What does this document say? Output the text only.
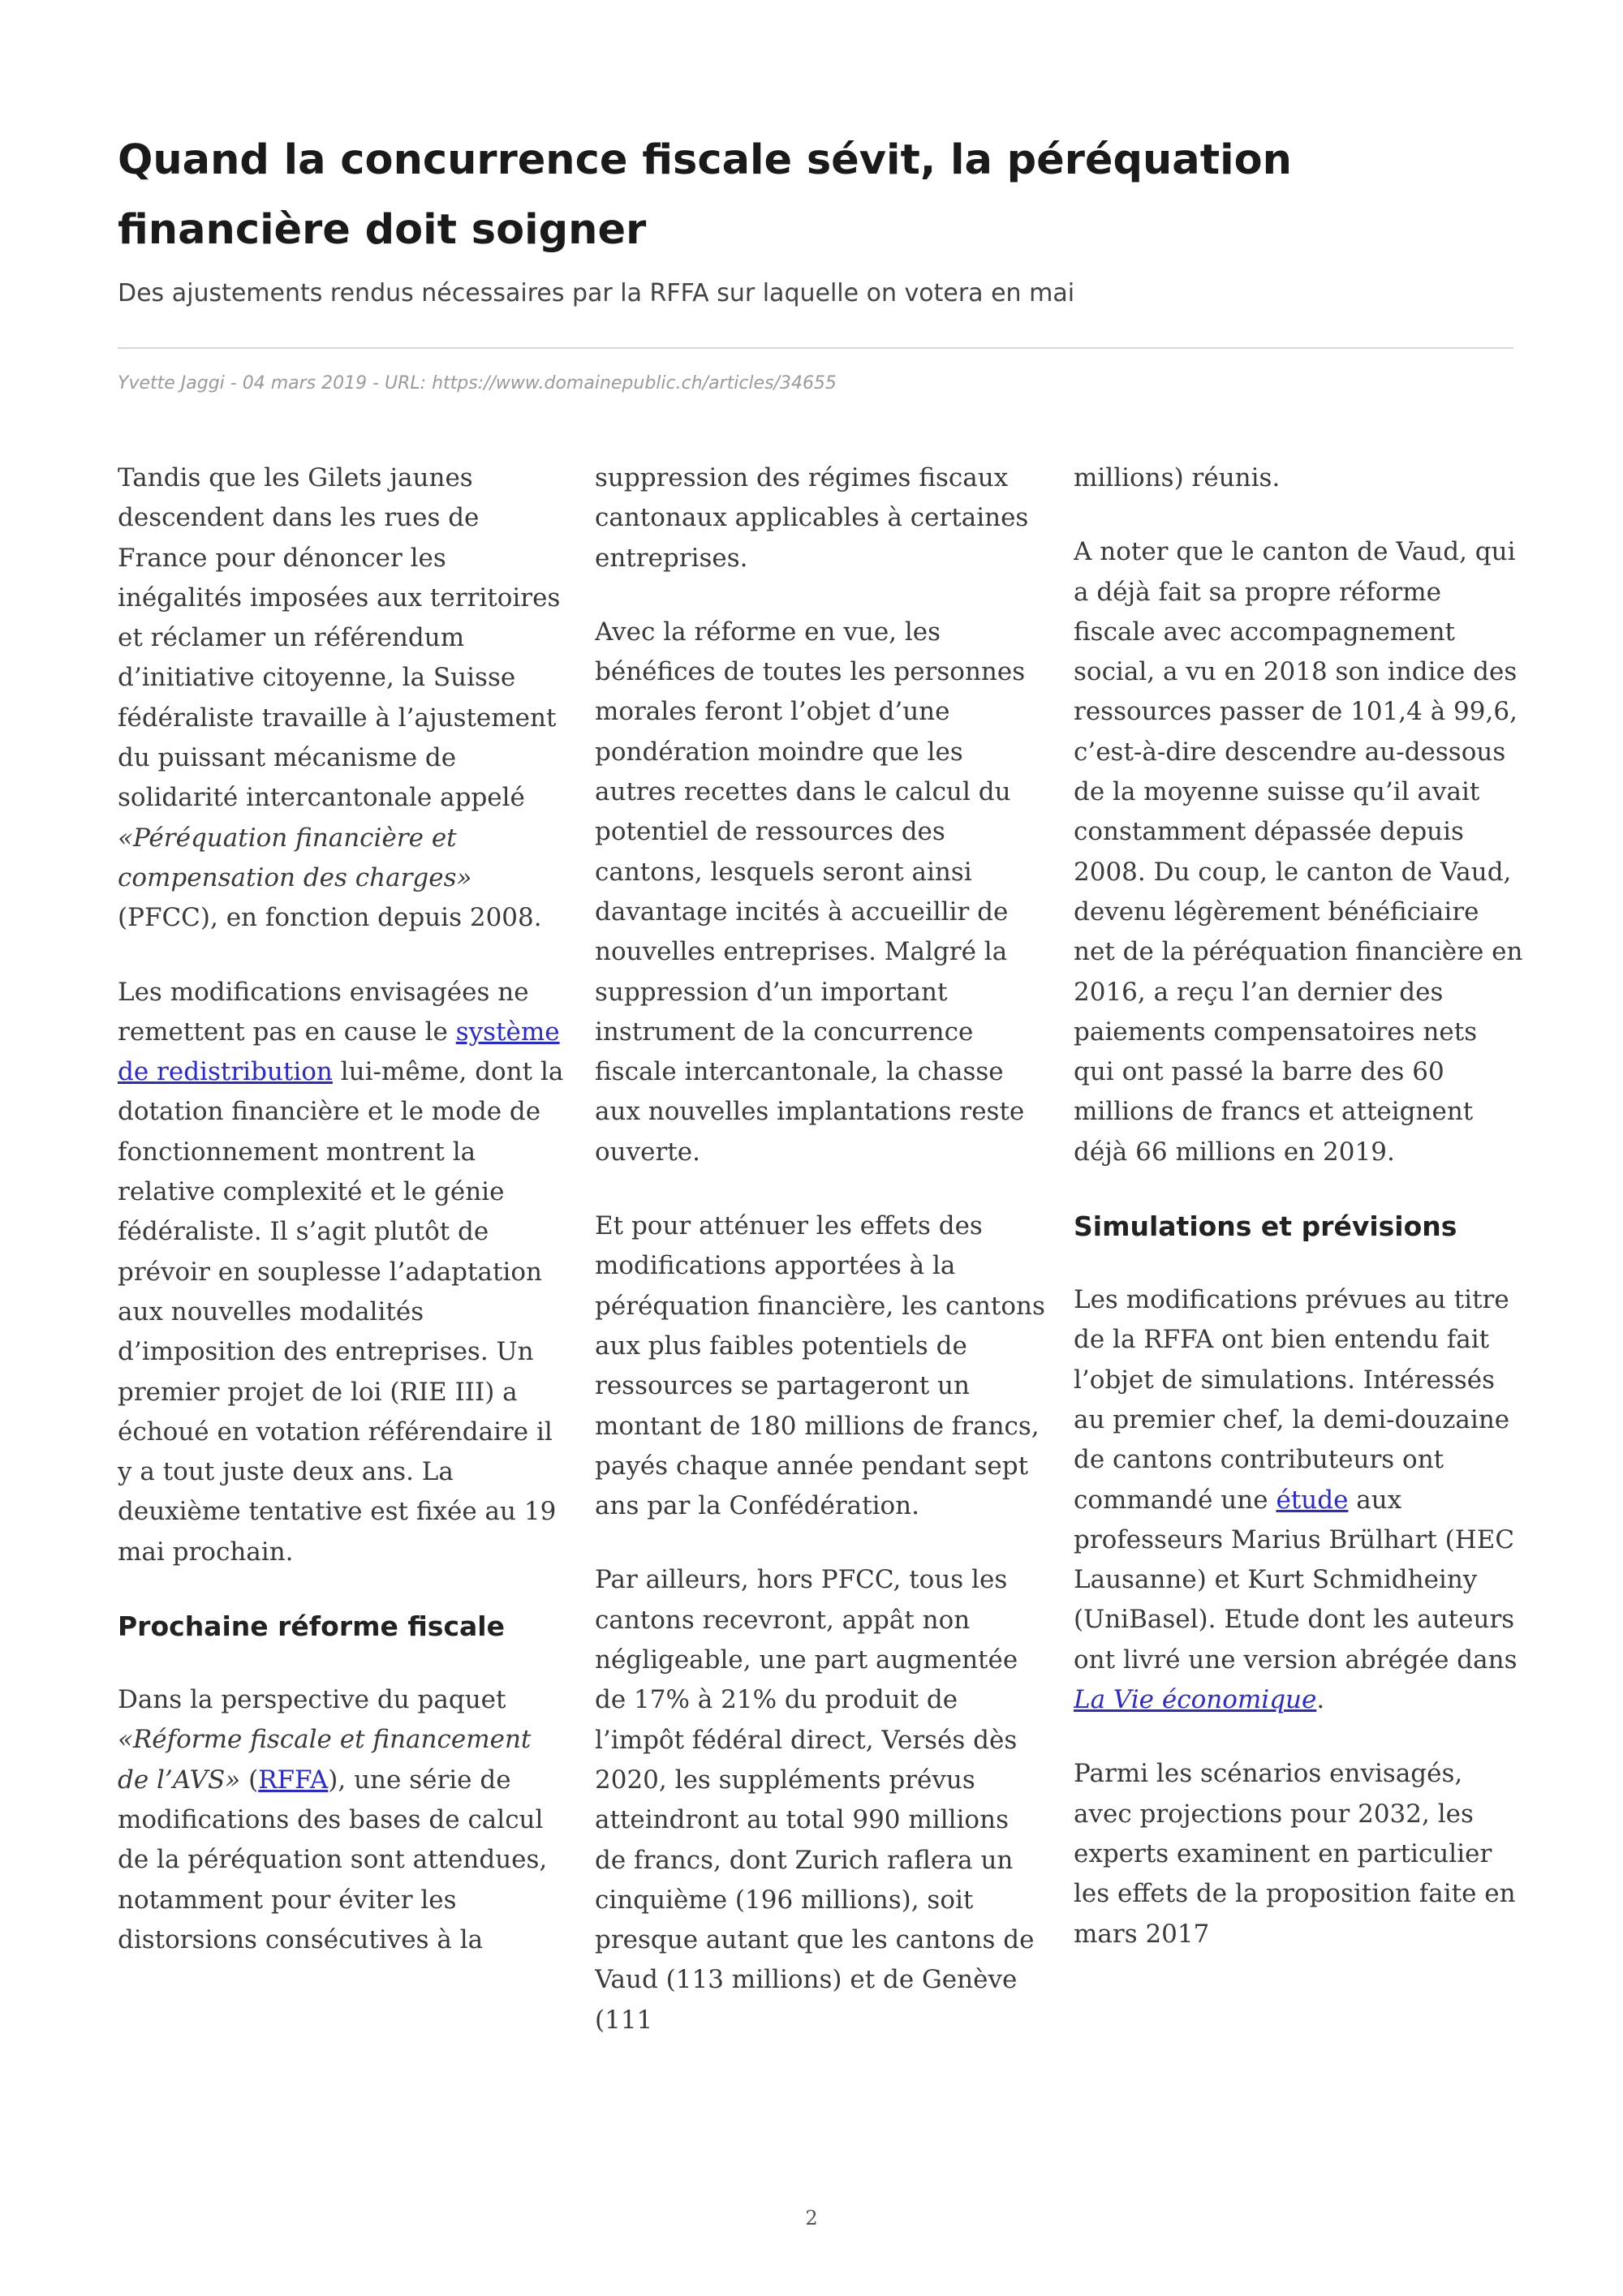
Quand la concurrence fiscale sévit, la péréquation financière doit soigner
Des ajustements rendus nécessaires par la RFFA sur laquelle on votera en mai
Yvette Jaggi - 04 mars 2019 - URL: https://www.domainepublic.ch/articles/34655

Tandis que les Gilets jaunes descendent dans les rues de France pour dénoncer les inégalités imposées aux territoires et réclamer un référendum d’initiative citoyenne, la Suisse fédéraliste travaille à l’ajustement du puissant mécanisme de solidarité intercantonale appelé «Péréquation financière et compensation des charges» (PFCC), en fonction depuis 2008.

Les modifications envisagées ne remettent pas en cause le système de redistribution lui-même, dont la dotation financière et le mode de fonctionnement montrent la relative complexité et le génie fédéraliste. Il s’agit plutôt de prévoir en souplesse l’adaptation aux nouvelles modalités d’imposition des entreprises. Un premier projet de loi (RIE III) a échoué en votation référendaire il y a tout juste deux ans. La deuxième tentative est fixée au 19 mai prochain.

Prochaine réforme fiscale

Dans la perspective du paquet «Réforme fiscale et financement de l’AVS» (RFFA), une série de modifications des bases de calcul de la péréquation sont attendues, notamment pour éviter les distorsions consécutives à la

suppression des régimes fiscaux cantonaux applicables à certaines entreprises.

Avec la réforme en vue, les bénéfices de toutes les personnes morales feront l’objet d’une pondération moindre que les autres recettes dans le calcul du potentiel de ressources des cantons, lesquels seront ainsi davantage incités à accueillir de nouvelles entreprises. Malgré la suppression d’un important instrument de la concurrence fiscale intercantonale, la chasse aux nouvelles implantations reste ouverte.

Et pour atténuer les effets des modifications apportées à la péréquation financière, les cantons aux plus faibles potentiels de ressources se partageront un montant de 180 millions de francs, payés chaque année pendant sept ans par la Confédération.

Par ailleurs, hors PFCC, tous les cantons recevront, appât non négligeable, une part augmentée de 17% à 21% du produit de l’impôt fédéral direct, Versés dès 2020, les suppléments prévus atteindront au total 990 millions de francs, dont Zurich raflera un cinquième (196 millions), soit presque autant que les cantons de Vaud (113 millions) et de Genève (111

millions) réunis.

A noter que le canton de Vaud, qui a déjà fait sa propre réforme fiscale avec accompagnement social, a vu en 2018 son indice des ressources passer de 101,4 à 99,6, c’est-à-dire descendre au-dessous de la moyenne suisse qu’il avait constamment dépassée depuis 2008. Du coup, le canton de Vaud, devenu légèrement bénéficiaire net de la péréquation financière en 2016, a reçu l’an dernier des paiements compensatoires nets qui ont passé la barre des 60 millions de francs et atteignent déjà 66 millions en 2019.

Simulations et prévisions

Les modifications prévues au titre de la RFFA ont bien entendu fait l’objet de simulations. Intéressés au premier chef, la demi-douzaine de cantons contributeurs ont commandé une étude aux professeurs Marius Brülhart (HEC Lausanne) et Kurt Schmidheiny (UniBasel). Etude dont les auteurs ont livré une version abrégée dans La Vie économique.

Parmi les scénarios envisagés, avec projections pour 2032, les experts examinent en particulier les effets de la proposition faite en mars 2017

2
